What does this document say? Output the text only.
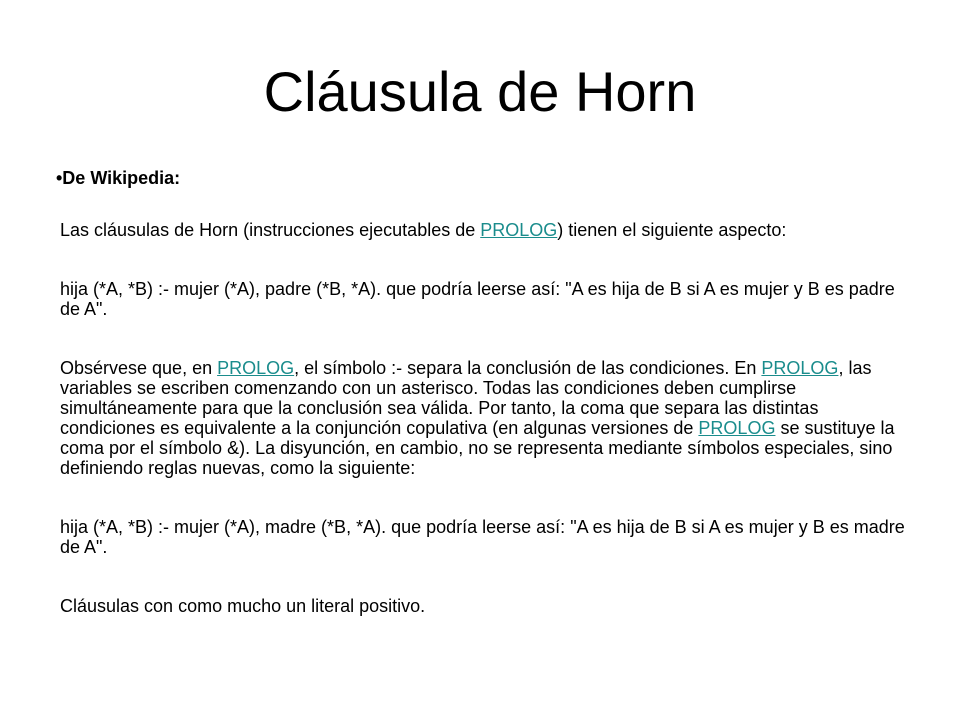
Cláusula de Horn
•De Wikipedia:

Las cláusulas de Horn (instrucciones ejecutables de PROLOG) tienen el siguiente aspecto:

hija (*A, *B) :- mujer (*A), padre (*B, *A). que podría leerse así: "A es hija de B si A es mujer y B es padre de A".

Obsérvese que, en PROLOG, el símbolo :- separa la conclusión de las condiciones. En PROLOG, las variables se escriben comenzando con un asterisco. Todas las condiciones deben cumplirse simultáneamente para que la conclusión sea válida. Por tanto, la coma que separa las distintas condiciones es equivalente a la conjunción copulativa (en algunas versiones de PROLOG se sustituye la coma por el símbolo &). La disyunción, en cambio, no se representa mediante símbolos especiales, sino definiendo reglas nuevas, como la siguiente:

hija (*A, *B) :- mujer (*A), madre (*B, *A). que podría leerse así: "A es hija de B si A es mujer y B es madre de A".

Cláusulas con como mucho un literal positivo.
